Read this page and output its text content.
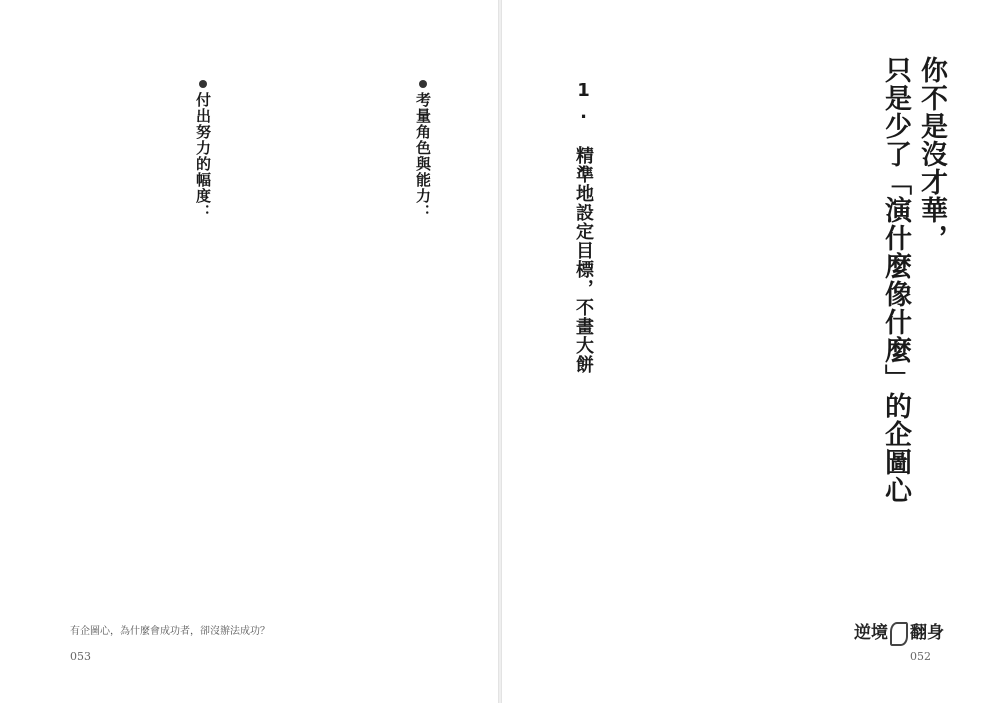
考量角色與能力：
付出努力的幅度：
有企圖心，為什麼會成功者，卻沒辦法成功？
053
你不是沒才華，
只是少了「演什麼像什麼」的企圖心
1. 精準地設定目標，不畫大餅
逆境 翻身
052
